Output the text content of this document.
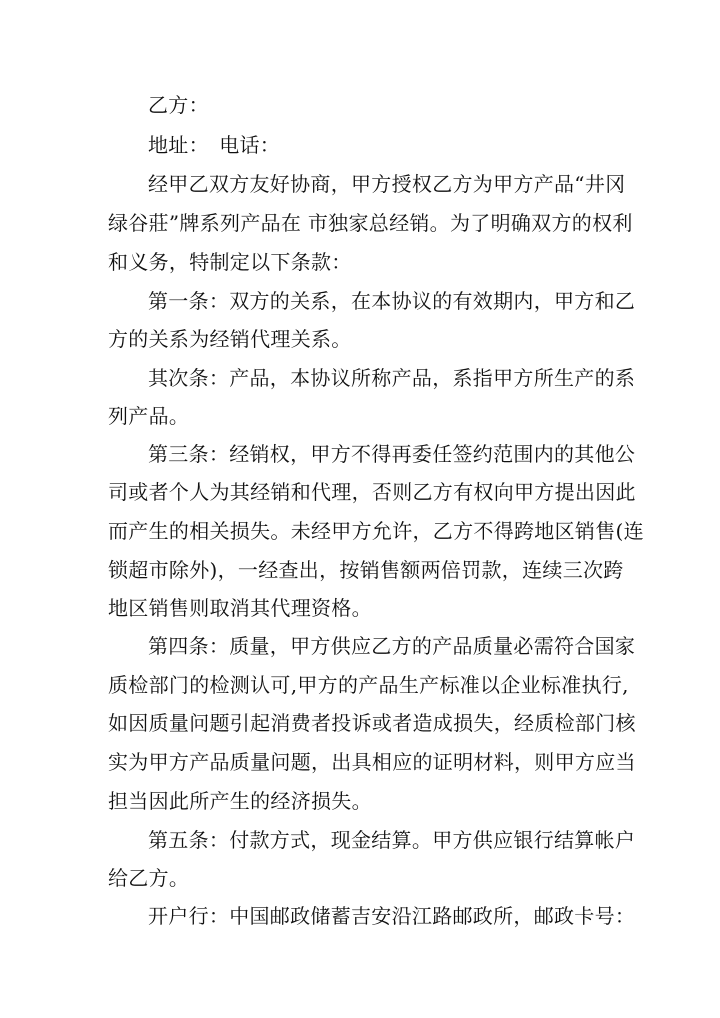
乙方：
地址：　电话：
经甲乙双方友好协商，甲方授权乙方为甲方产品“井冈
绿谷莊”牌系列产品在 市独家总经销。为了明确双方的权利
和义务，特制定以下条款：
第一条：双方的关系，在本协议的有效期内，甲方和乙
方的关系为经销代理关系。
其次条：产品，本协议所称产品，系指甲方所生产的系
列产品。
第三条：经销权，甲方不得再委任签约范围内的其他公
司或者个人为其经销和代理，否则乙方有权向甲方提出因此
而产生的相关损失。未经甲方允许，乙方不得跨地区销售(连
锁超市除外)，一经查出，按销售额两倍罚款，连续三次跨
地区销售则取消其代理资格。
第四条：质量，甲方供应乙方的产品质量必需符合国家
质检部门的检测认可,甲方的产品生产标准以企业标准执行,
如因质量问题引起消费者投诉或者造成损失，经质检部门核
实为甲方产品质量问题，出具相应的证明材料，则甲方应当
担当因此所产生的经济损失。
第五条：付款方式，现金结算。甲方供应银行结算帐户
给乙方。
开户行：中国邮政储蓄吉安沿江路邮政所，邮政卡号：
